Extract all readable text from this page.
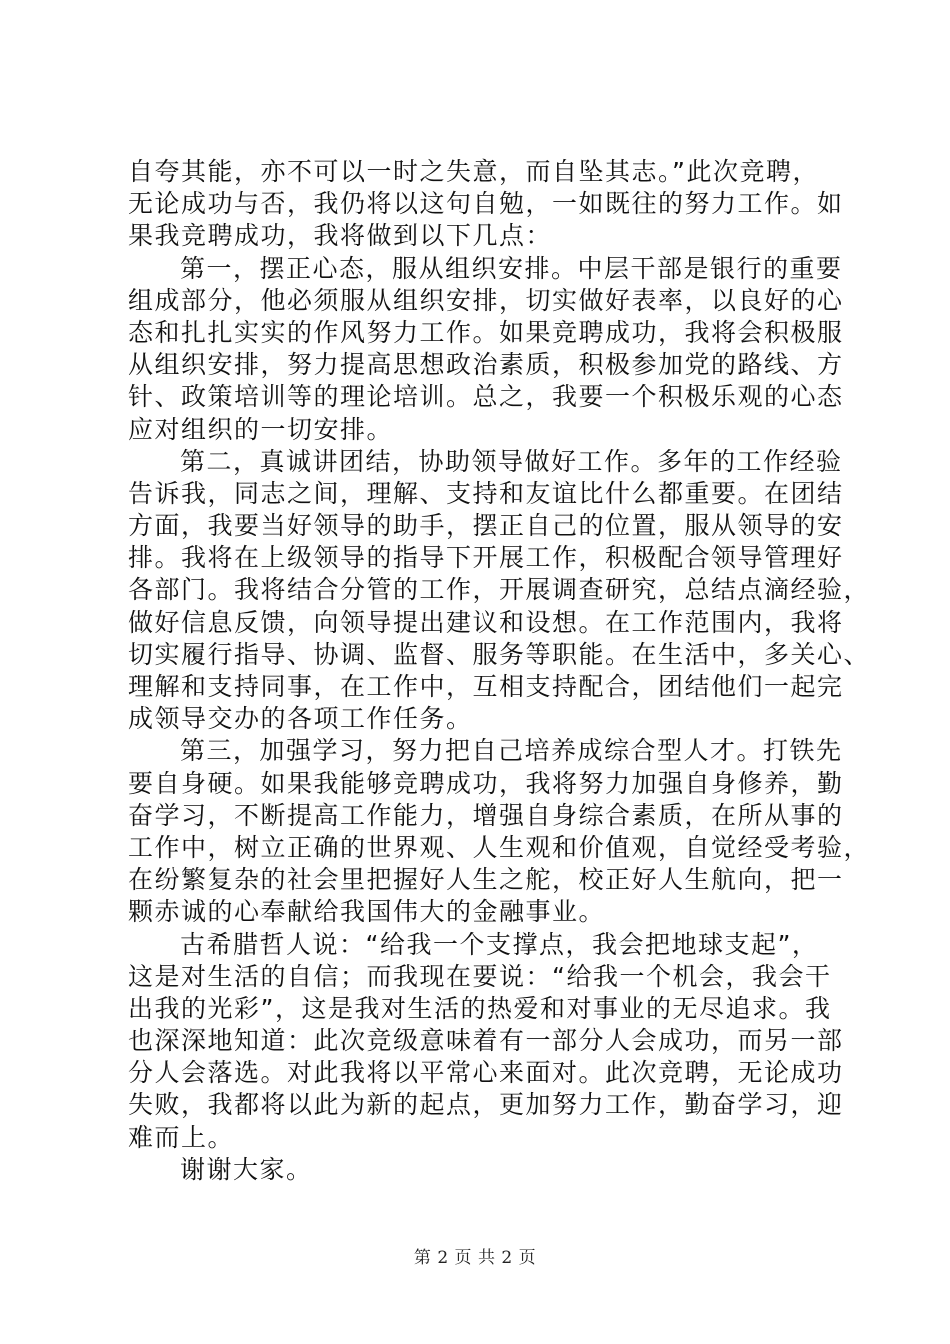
自夸其能，亦不可以一时之失意，而自坠其志。”此次竞聘，
无论成功与否，我仍将以这句自勉，一如既往的努力工作。如
果我竞聘成功，我将做到以下几点：
第一，摆正心态，服从组织安排。中层干部是银行的重要
组成部分，他必须服从组织安排，切实做好表率，以良好的心
态和扎扎实实的作风努力工作。如果竞聘成功，我将会积极服
从组织安排，努力提高思想政治素质，积极参加党的路线、方
针、政策培训等的理论培训。总之，我要一个积极乐观的心态
应对组织的一切安排。
第二，真诚讲团结，协助领导做好工作。多年的工作经验
告诉我，同志之间，理解、支持和友谊比什么都重要。在团结
方面，我要当好领导的助手，摆正自己的位置，服从领导的安
排。我将在上级领导的指导下开展工作，积极配合领导管理好
各部门。我将结合分管的工作，开展调查研究，总结点滴经验，
做好信息反馈，向领导提出建议和设想。在工作范围内，我将
切实履行指导、协调、监督、服务等职能。在生活中，多关心、
理解和支持同事，在工作中，互相支持配合，团结他们一起完
成领导交办的各项工作任务。
第三，加强学习，努力把自己培养成综合型人才。打铁先
要自身硬。如果我能够竞聘成功，我将努力加强自身修养，勤
奋学习，不断提高工作能力，增强自身综合素质，在所从事的
工作中，树立正确的世界观、人生观和价值观，自觉经受考验，
在纷繁复杂的社会里把握好人生之舵，校正好人生航向，把一
颗赤诚的心奉献给我国伟大的金融事业。
古希腊哲人说：“给我一个支撑点，我会把地球支起”，
这是对生活的自信；而我现在要说：“给我一个机会，我会干
出我的光彩”，这是我对生活的热爱和对事业的无尽追求。我
也深深地知道：此次竞级意味着有一部分人会成功，而另一部
分人会落选。对此我将以平常心来面对。此次竞聘，无论成功
失败，我都将以此为新的起点，更加努力工作，勤奋学习，迎
难而上。
谢谢大家。
第 2 页 共 2 页
